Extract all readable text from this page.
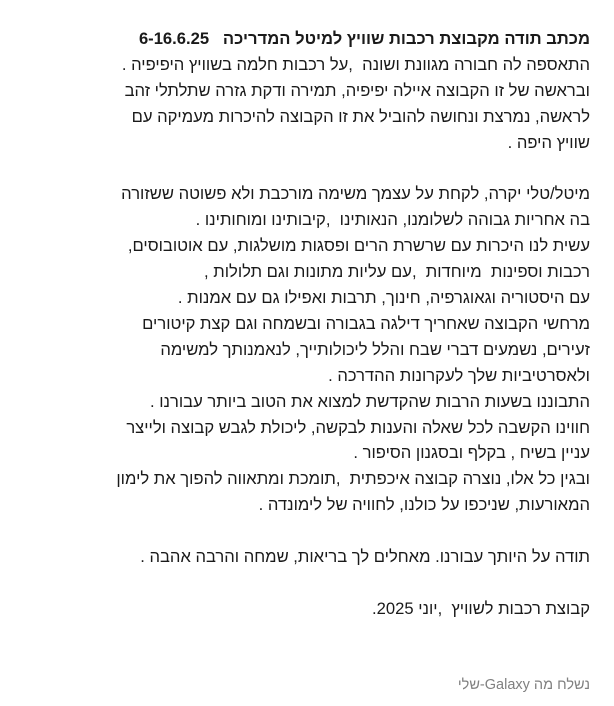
מכתב תודה מקבוצת רכבות שוויץ למיטל המדריכה   6-16.6.25
התאספה לה חבורה מגוונת ושונה  ,על רכבות חלמה בשוויץ היפיפיה .
ובראשה של זו הקבוצה איילה יפיפיה, תמירה ודקת גזרה שתלתלי זהב
לראשה, נמרצת ונחושה להוביל את זו הקבוצה להיכרות מעמיקה עם
שוויץ היפה .
מיטל/טלי יקרה, לקחת על עצמך משימה מורכבת ולא פשוטה ששזורה
בה אחריות גבוהה לשלומנו, הנאותינו  ,קיבותינו ומוחותינו .
עשית לנו היכרות עם שרשרת הרים ופסגות מושלגות, עם אוטובוסים,
רכבות וספינות  מיוחדות  ,עם עליות מתונות וגם תלולות ,
עם היסטוריה וגאוגרפיה, חינוך, תרבות ואפילו גם עם אמנות .
מרחשי הקבוצה שאחריך דילגה בגבורה ובשמחה וגם קצת קיטורים
זעירים, נשמעים דברי שבח והלל ליכולותייך, לנאמנותך למשימה
ולאסרטיביות שלך לעקרונות ההדרכה .
התבוננו בשעות הרבות שהקדשת למצוא את הטוב ביותר עבורנו .
חווינו הקשבה לכל שאלה והענות לבקשה, ליכולת לגבש קבוצה ולייצר
עניין בשיח , בקלף ובסגנון הסיפור .
ובגין כל אלו, נוצרה קבוצה איכפתית  ,תומכת ומתאווה להפוך את לימון
המאורעות, שניכפו על כולנו, לחוויה של לימונדה .
תודה על היותך עבורנו. מאחלים לך בריאות, שמחה והרבה אהבה .
קבוצת רכבות לשוויץ  ,יוני 2025.
נשלח מה Galaxy-שלי
